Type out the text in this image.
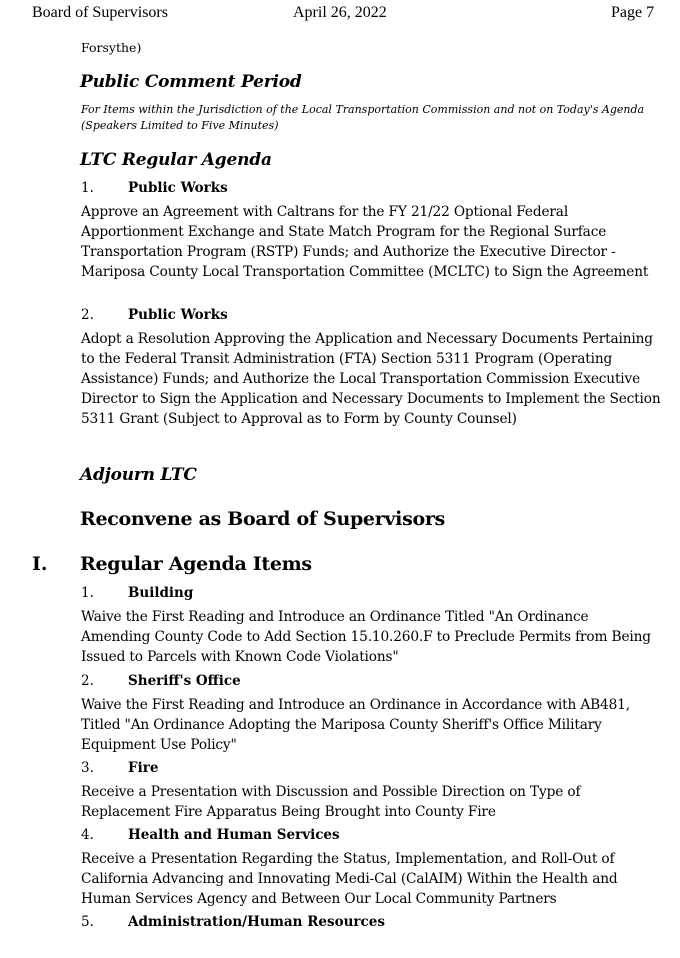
Board of Supervisors	April 26, 2022	Page 7
Forsythe)
Public Comment Period
For Items within the Jurisdiction of the Local Transportation Commission and not on Today's Agenda (Speakers Limited to Five Minutes)
LTC Regular Agenda
1.	Public Works
Approve an Agreement with Caltrans for the FY 21/22 Optional Federal Apportionment Exchange and State Match Program for the Regional Surface Transportation Program (RSTP) Funds; and Authorize the Executive Director - Mariposa County Local Transportation Committee (MCLTC) to Sign the Agreement
2.	Public Works
Adopt a Resolution Approving the Application and Necessary Documents Pertaining to the Federal Transit Administration (FTA) Section 5311 Program (Operating Assistance) Funds; and Authorize the Local Transportation Commission Executive Director to Sign the Application and Necessary Documents to Implement the Section 5311 Grant (Subject to Approval as to Form by County Counsel)
Adjourn LTC
Reconvene as Board of Supervisors
I. Regular Agenda Items
1.	Building
Waive the First Reading and Introduce an Ordinance Titled "An Ordinance Amending County Code to Add Section 15.10.260.F to Preclude Permits from Being Issued to Parcels with Known Code Violations"
2.	Sheriff's Office
Waive the First Reading and Introduce an Ordinance in Accordance with AB481, Titled "An Ordinance Adopting the Mariposa County Sheriff's Office Military Equipment Use Policy"
3.	Fire
Receive a Presentation with Discussion and Possible Direction on Type of Replacement Fire Apparatus Being Brought into County Fire
4.	Health and Human Services
Receive a Presentation Regarding the Status, Implementation, and Roll-Out of California Advancing and Innovating Medi-Cal (CalAIM) Within the Health and Human Services Agency and Between Our Local Community Partners
5.	Administration/Human Resources
